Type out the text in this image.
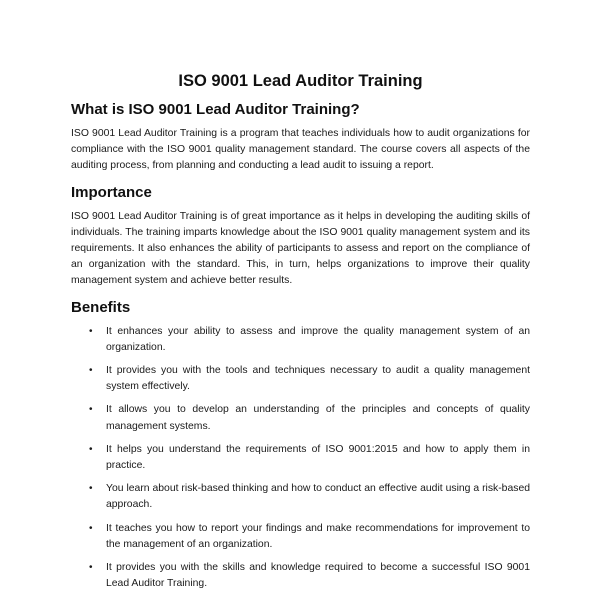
ISO 9001 Lead Auditor Training
What is ISO 9001 Lead Auditor Training?

ISO 9001 Lead Auditor Training is a program that teaches individuals how to audit organizations for compliance with the ISO 9001 quality management standard. The course covers all aspects of the auditing process, from planning and conducting a lead audit to issuing a report.

Importance

ISO 9001 Lead Auditor Training is of great importance as it helps in developing the auditing skills of individuals. The training imparts knowledge about the ISO 9001 quality management system and its requirements. It also enhances the ability of participants to assess and report on the compliance of an organization with the standard. This, in turn, helps organizations to improve their quality management system and achieve better results.

Benefits
• It enhances your ability to assess and improve the quality management system of an organization.
• It provides you with the tools and techniques necessary to audit a quality management system effectively.
• It allows you to develop an understanding of the principles and concepts of quality management systems.
• It helps you understand the requirements of ISO 9001:2015 and how to apply them in practice.
• You learn about risk-based thinking and how to conduct an effective audit using a risk-based approach.
• It teaches you how to report your findings and make recommendations for improvement to the management of an organization.
• It provides you with the skills and knowledge required to become a successful ISO 9001 Lead Auditor Training.
